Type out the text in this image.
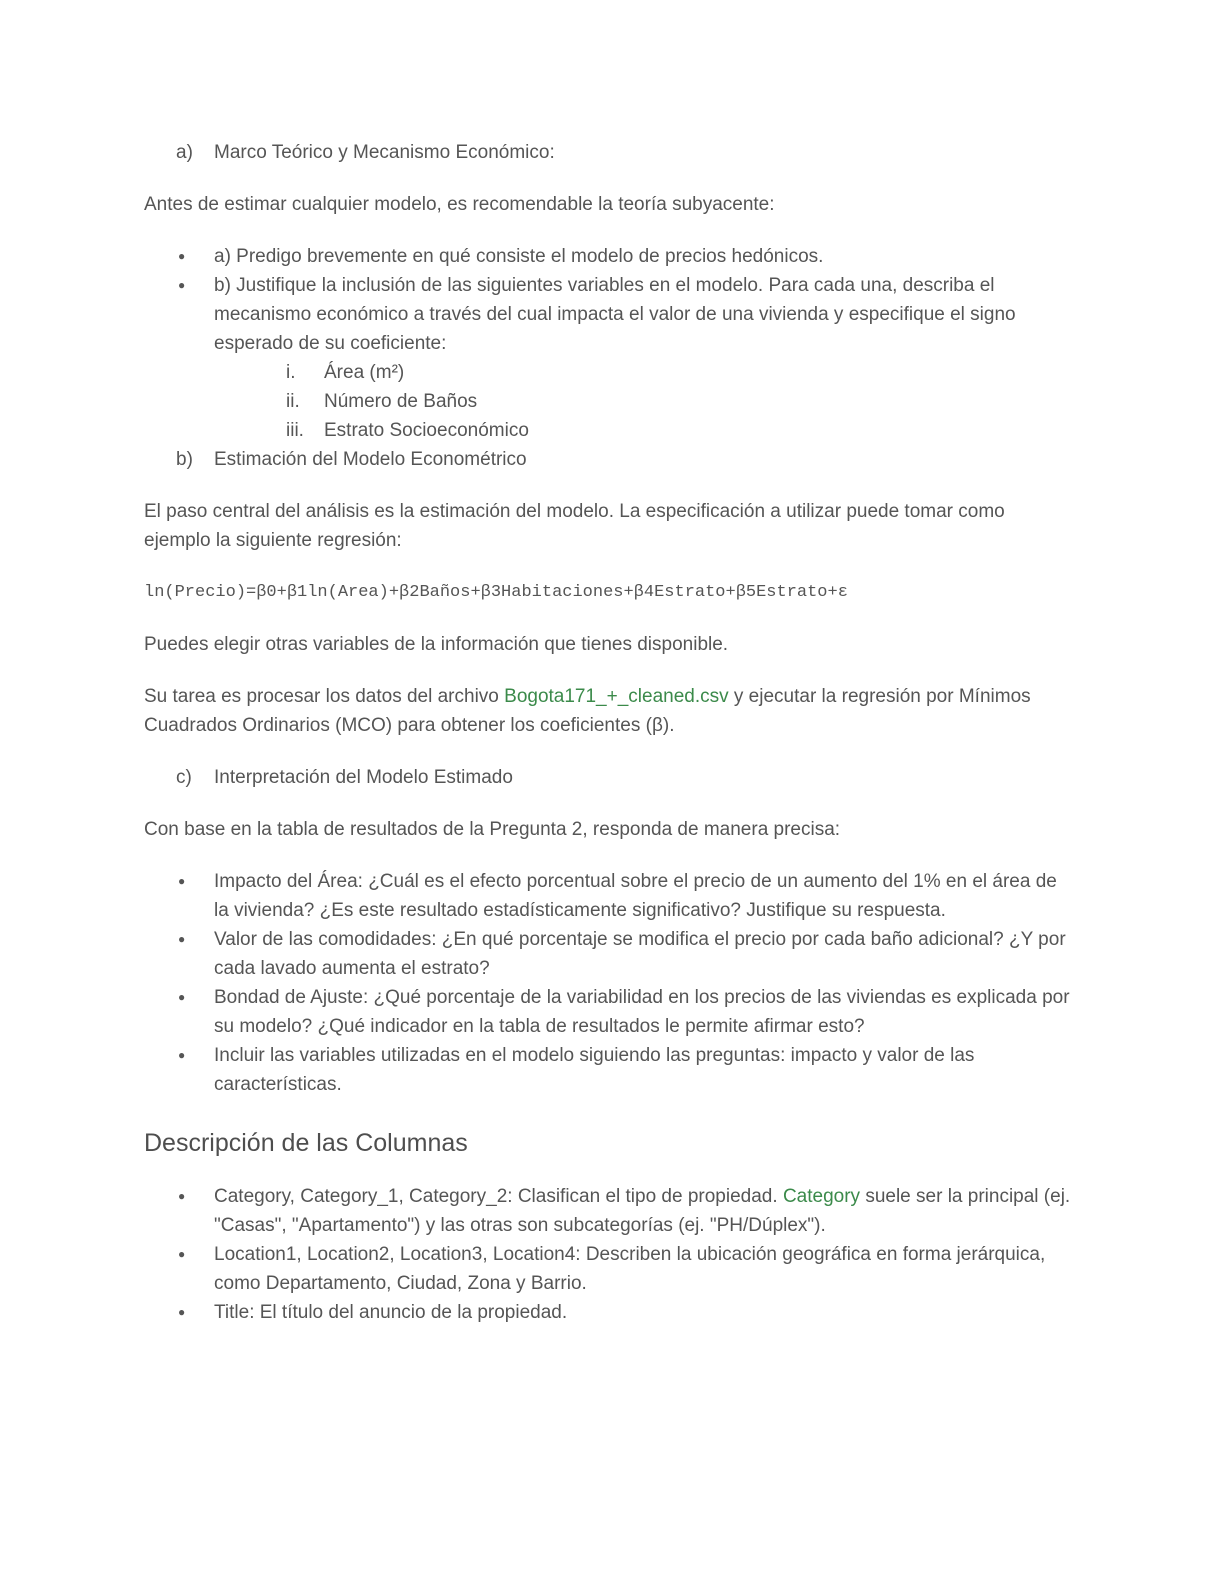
a)	Marco Teórico y Mecanismo Económico:

Antes de estimar cualquier modelo, es recomendable la teoría subyacente:

● a) Predigo brevemente en qué consiste el modelo de precios hedónicos.
● b) Justifique la inclusión de las siguientes variables en el modelo. Para cada una, describa el mecanismo económico a través del cual impacta el valor de una vivienda y especifique el signo esperado de su coeficiente:
i. Área (m²)
ii. Número de Baños
iii. Estrato Socioeconómico
b)	Estimación del Modelo Econométrico

El paso central del análisis es la estimación del modelo. La especificación a utilizar puede tomar como ejemplo la siguiente regresión:

ln(Precio)=β0+β1ln(Area)+β2Baños+β3Habitaciones+β4Estrato+β5Estrato+ε

Puedes elegir otras variables de la información que tienes disponible.

Su tarea es procesar los datos del archivo Bogota171_+_cleaned.csv y ejecutar la regresión por Mínimos Cuadrados Ordinarios (MCO) para obtener los coeficientes (β).

c)	Interpretación del Modelo Estimado

Con base en la tabla de resultados de la Pregunta 2, responda de manera precisa:

● Impacto del Área: ¿Cuál es el efecto porcentual sobre el precio de un aumento del 1% en el área de la vivienda? ¿Es este resultado estadísticamente significativo? Justifique su respuesta.
● Valor de las comodidades: ¿En qué porcentaje se modifica el precio por cada baño adicional? ¿Y por cada lavado aumenta el estrato?
● Bondad de Ajuste: ¿Qué porcentaje de la variabilidad en los precios de las viviendas es explicada por su modelo? ¿Qué indicador en la tabla de resultados le permite afirmar esto?
● Incluir las variables utilizadas en el modelo siguiendo las preguntas: impacto y valor de las características.
Descripción de las Columnas
● Category, Category_1, Category_2: Clasifican el tipo de propiedad. Category suele ser la principal (ej. "Casas", "Apartamento") y las otras son subcategorías (ej. "PH/Dúplex").
● Location1, Location2, Location3, Location4: Describen la ubicación geográfica en forma jerárquica, como Departamento, Ciudad, Zona y Barrio.
● Title: El título del anuncio de la propiedad.
